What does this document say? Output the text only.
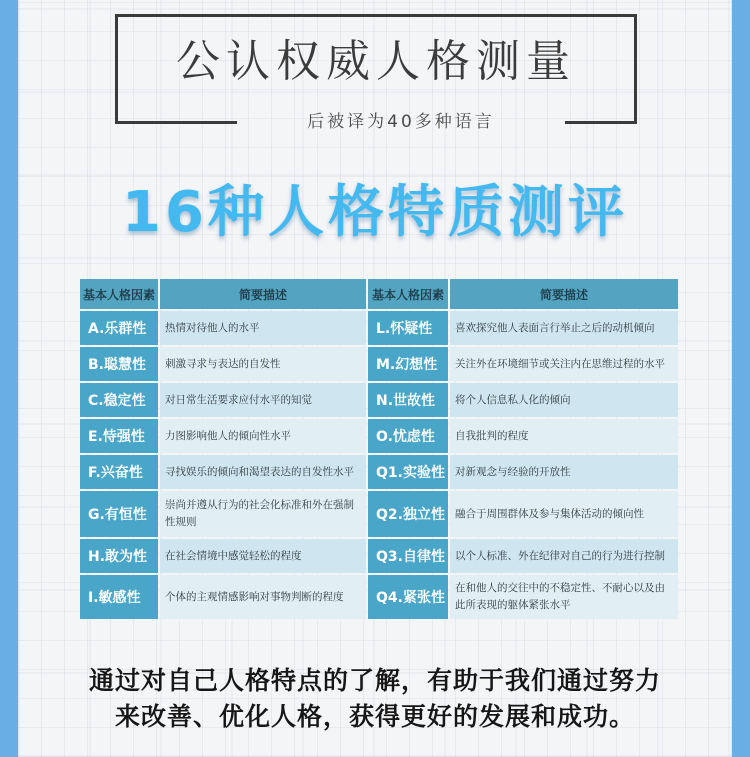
公认权威人格测量
后被译为40多种语言
16种人格特质测评
基本人格因素	简要描述	基本人格因素	简要描述
A.乐群性	热情对待他人的水平	L.怀疑性	喜欢探究他人表面言行举止之后的动机倾向
B.聪慧性	刺激寻求与表达的自发性	M.幻想性	关注外在环境细节或关注内在思维过程的水平
C.稳定性	对日常生活要求应付水平的知觉	N.世故性	将个人信息私人化的倾向
E.恃强性	力图影响他人的倾向性水平	O.忧虑性	自我批判的程度
F.兴奋性	寻找娱乐的倾向和渴望表达的自发性水平	Q1.实验性	对新观念与经验的开放性
G.有恒性	崇尚并遵从行为的社会化标准和外在强制性规则	Q2.独立性	融合于周围群体及参与集体活动的倾向性
H.敢为性	在社会情境中感觉轻松的程度	Q3.自律性	以个人标准、外在纪律对自己的行为进行控制
I.敏感性	个体的主观情感影响对事物判断的程度	Q4.紧张性	在和他人的交往中的不稳定性、不耐心以及由此所表现的躯体紧张水平
通过对自己人格特点的了解，有助于我们通过努力
来改善、优化人格，获得更好的发展和成功。
